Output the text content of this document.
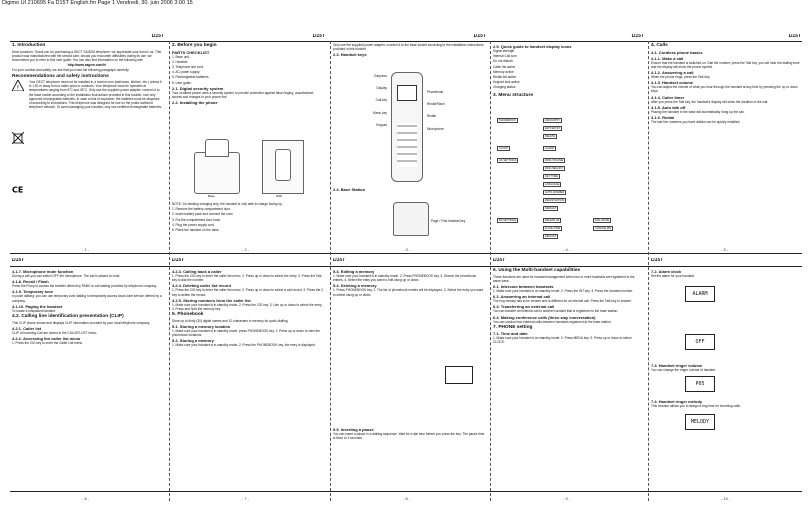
Digimo UI 210695 Fa D15T English.fm Page 1 Vendredi, 30. juin 2006 3:00 15
D15T
1. Introduction

Dear customer, Thank you for purchasing a DECT SAGEM telephone; we appreciate your trust in us. This product was manufactured with the utmost care; should you encounter difficulties during its use, we recommend you to refer to this user guide. You can also find information on the following site:

http://www.sagem.com/fr/

For your comfort and safety, we ask that you read the following paragraph carefully.

Recommendations and safety instructions
!

CE

Your DECT telephone must not be installed in a humid room (bathroom, kitchen, etc.) unless it is 1.50 m away from a water point or outdoors. Your telephone must be operated at temperatures ranging from 5°C and 45°C. Only use the supplied power adapter, connect it to the base socket according to the installation instructions provided in this booklet. Use only approved rechargeable batteries. In case of risk of explosion, the batteries must be disposed of according to instructions. This telephone was designed for use on the public switched telephone network. To avoid damaging your handset, only use certified rechargeable batteries.

- 1 -
D15T
2. Before you begin
PARTS CHECKLIST

1. Base unit.

2. Handset.

3. Telephone line cord.

4. AC power supply.

5. Rechargeable batteries.

6. User guide.

2.1. Digital security system

Your cordless phone uses a security system to provide protection against false ringing, unauthorised access and charges to your phone line.

2.2. Installing the phone
Base	Wall

NOTE: Do desktop charging only; the handset is only able to charge facing up.

1. Remove the battery compartment door.

2. Insert battery pack and connect the cord.

3. Put the compartment door back.

4. Plug the power supply cord.

5. Place the handset on the base.

- 2 -
D15T

Only use the supplied power adapter, connect it to the base socket according to the installation instructions provided in this booklet.

2.3. Handset keys

Earpiece

Display

Call key

Menu key

Keypad

Phonebook

Recall/Flash

Redial

Microphone

2.4. Base Station
Page / Find handset key
- 3 -
D15T
2.5. Quick guide to handset display icons

Signal strength

Internal Call icon

Do not disturb

Caller list active

Memory active

Redial list active

Keypad lock active

Charging status

3. Menu structure
PHONEBOOK	ADD ENTRY
EDIT ENTRY
DELETE
CLOCK	ALARM
HS SETTINGS	RING VOLUME
RING MELODY
KEY TONE
LANGUAGE
AUTO ANSWER
REGISTRATION
DEFAULT
BS SETTINGS	DELETE HS	DIAL MODE
FLASH TIME	CHANGE PIN
DEFAULT
- 4 -
D15T
4. Calls
4.1. Cordless phone basics
4.1.1. Make a call

Ensure that the handset is switched on. Dial the number, press the Talk key, you will hear the dialling tone and the display will show the phone symbol.

4.1.2. Answering a call

When the phone rings, press the Talk key.

4.1.3. Handset volume

You can adjust the volume of what you hear through the handset at any time by pressing the up or down keys.

4.1.4. Caller timer

After you press the Talk key, the handset's display will show the duration of the call.

4.1.5. Auto talk off

Placing the handset in the base will automatically hang up the call.

4.1.6. Redial

The last five numbers you have dialled can be quickly redialled.

- 5 -
D15T
4.1.7. Microphone mute function

During a call you can switch OFF the microphone. The call is placed on hold.

4.1.8. Recall / Flash

Press the R key to access the transfer offered by PABX or call waiting provided by telephone company.

4.1.9. Temporary tone

In pulse dialling, you can use temporary tone dialling to temporarily access touch-tone service offered by a company.

4.1.10. Paging the handset

To locate a misplaced handset.

4.2. Calling line identification presentation (CLIP)

This CLIP phone shows and displays CLIP information provided by your local telephone company.

4.2.1. Caller list

CLIP of incoming Call are stored in the CALLER LIST menu.

4.2.2. Accessing the caller list menu

1. Press the CID key to enter the Caller List menu.

- 6 -
D15T
4.2.3. Calling back a caller

1. Press the CID key to enter the caller list menu. 2. Press up or down to select the entry. 3. Press the Talk key to dial the number.

4.2.4. Deleting caller list record

1. Press the CID key to enter the caller list menu. 2. Press up or down to select a call record. 3. Press the C key to delete the record.

4.2.5. Storing numbers from the caller list

1. Make sure your handset is in standby mode. 2. Press the CID key. 3. Use up or down to select the entry. 4. Press and hold the memory key.

5. Phonebook

Store up to thirty (30) digital names and 10 characters in memory for quick dialling.

5.1. Storing a memory location

1. Make sure your handset is in standby mode, press PHONEBOOK key. 2. Press up or down to view the phonebook locations.

5.2. Storing a memory

1. Make sure your handset is in standby mode. 2. Press the PHONEBOOK key, the entry is displayed.

- 7 -
D15T
5.3. Editing a memory

1. Make sure your handset is in standby mode. 2. Press PHONEBOOK key. 3. Search the phonebook entries. 4. Select the entry you want to edit using up or down.

5.4. Deleting a memory

1. Press PHONEBOOK key. 2. The list of phonebook entries will be displayed. 3. Select the entry you want to delete using up or down.

5.5. Inserting a pause

You can insert a pause in a dialling sequence. Wait for a dial tone before you press the key. The pause time is fixed to 3 seconds.

- 8 -
D15T
6. Using the Multi-handset capabilities

These functions are used for handset management when two or more handsets are registered to the same base.

6.1. Intercom between handsets

1. Make sure your handset is on standby mode. 2. Press the INT key. 3. Press the handset number.

6.2. Answering an internal call

The ring melody has to be chosen and is different for an internal call. Press the Talk key to answer.

6.3. Transferring an external call

You can transfer an external call to another handset that is registered to the base station.

6.4. Making conference calls (three-way conversation)

You can conduct two external calls between handsets registered at the base station.

7. PHONE setting
7.1. Time and date

1. Make sure your handset is on standby mode. 2. Press MENU key. 3. Press up or down to select CLOCK.

- 9 -
D15T
7.2. Alarm clock

Set the alarm for your handset.

ALARM
OFF
7.3. Handset ringer volume

You can change the ringer volume of handset.

P05
7.4. Handset ringer melody

This function allows you to assign a ring tone for incoming calls.

MELODY
- 10 -
